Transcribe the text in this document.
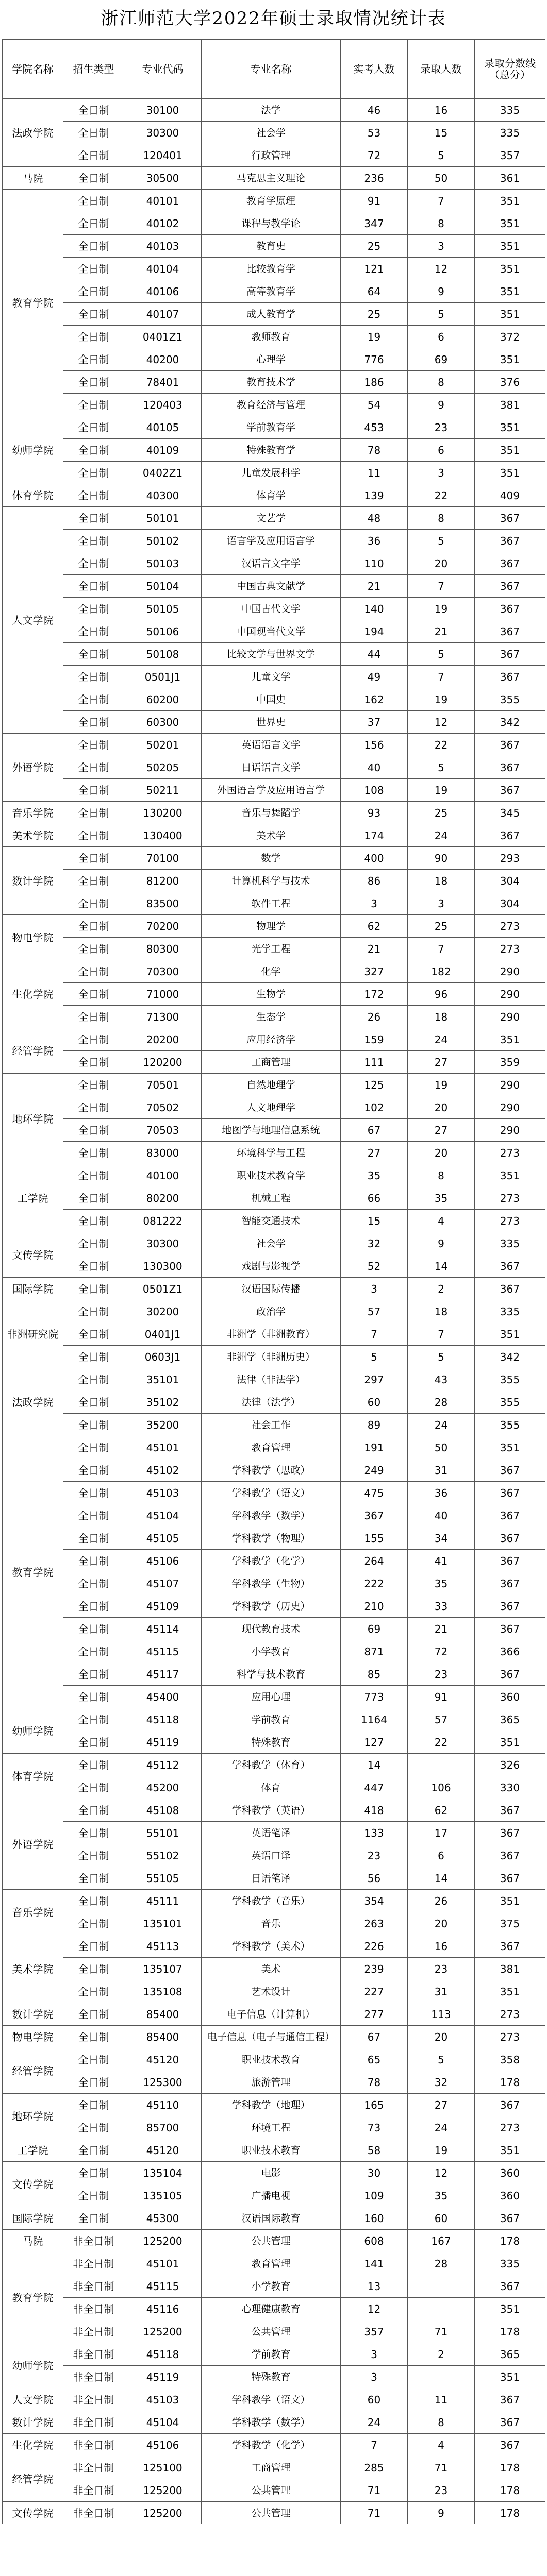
浙江师范大学2022年硕士录取情况统计表
学院名称	招生类型	专业代码	专业名称	实考人数	录取人数	录取分数线（总分）
法政学院	全日制	30100	法学	46	16	335
	全日制	30300	社会学	53	15	335
	全日制	120401	行政管理	72	5	357
马院	全日制	30500	马克思主义理论	236	50	361
教育学院	全日制	40101	教育学原理	91	7	351
	全日制	40102	课程与教学论	347	8	351
	全日制	40103	教育史	25	3	351
	全日制	40104	比较教育学	121	12	351
	全日制	40106	高等教育学	64	9	351
	全日制	40107	成人教育学	25	5	351
	全日制	0401Z1	教师教育	19	6	372
	全日制	40200	心理学	776	69	351
	全日制	78401	教育技术学	186	8	376
	全日制	120403	教育经济与管理	54	9	381
幼师学院	全日制	40105	学前教育学	453	23	351
	全日制	40109	特殊教育学	78	6	351
	全日制	0402Z1	儿童发展科学	11	3	351
体育学院	全日制	40300	体育学	139	22	409
人文学院	全日制	50101	文艺学	48	8	367
	全日制	50102	语言学及应用语言学	36	5	367
	全日制	50103	汉语言文字学	110	20	367
	全日制	50104	中国古典文献学	21	7	367
	全日制	50105	中国古代文学	140	19	367
	全日制	50106	中国现当代文学	194	21	367
	全日制	50108	比较文学与世界文学	44	5	367
	全日制	0501J1	儿童文学	49	7	367
	全日制	60200	中国史	162	19	355
	全日制	60300	世界史	37	12	342
外语学院	全日制	50201	英语语言文学	156	22	367
	全日制	50205	日语语言文学	40	5	367
	全日制	50211	外国语言学及应用语言学	108	19	367
音乐学院	全日制	130200	音乐与舞蹈学	93	25	345
美术学院	全日制	130400	美术学	174	24	367
数计学院	全日制	70100	数学	400	90	293
	全日制	81200	计算机科学与技术	86	18	304
	全日制	83500	软件工程	3	3	304
物电学院	全日制	70200	物理学	62	25	273
	全日制	80300	光学工程	21	7	273
生化学院	全日制	70300	化学	327	182	290
	全日制	71000	生物学	172	96	290
	全日制	71300	生态学	26	18	290
经管学院	全日制	20200	应用经济学	159	24	351
	全日制	120200	工商管理	111	27	359
地环学院	全日制	70501	自然地理学	125	19	290
	全日制	70502	人文地理学	102	20	290
	全日制	70503	地图学与地理信息系统	67	27	290
	全日制	83000	环境科学与工程	27	20	273
工学院	全日制	40100	职业技术教育学	35	8	351
	全日制	80200	机械工程	66	35	273
	全日制	081222	智能交通技术	15	4	273
文传学院	全日制	30300	社会学	32	9	335
	全日制	130300	戏剧与影视学	52	14	367
国际学院	全日制	0501Z1	汉语国际传播	3	2	367
非洲研究院	全日制	30200	政治学	57	18	335
	全日制	0401J1	非洲学（非洲教育）	7	7	351
	全日制	0603J1	非洲学（非洲历史）	5	5	342
法政学院	全日制	35101	法律（非法学）	297	43	355
	全日制	35102	法律（法学）	60	28	355
	全日制	35200	社会工作	89	24	355
教育学院	全日制	45101	教育管理	191	50	351
	全日制	45102	学科教学（思政）	249	31	367
	全日制	45103	学科教学（语文）	475	36	367
	全日制	45104	学科教学（数学）	367	40	367
	全日制	45105	学科教学（物理）	155	34	367
	全日制	45106	学科教学（化学）	264	41	367
	全日制	45107	学科教学（生物）	222	35	367
	全日制	45109	学科教学（历史）	210	33	367
	全日制	45114	现代教育技术	69	21	367
	全日制	45115	小学教育	871	72	366
	全日制	45117	科学与技术教育	85	23	367
	全日制	45400	应用心理	773	91	360
幼师学院	全日制	45118	学前教育	1164	57	365
	全日制	45119	特殊教育	127	22	351
体育学院	全日制	45112	学科教学（体育）	14		326
	全日制	45200	体育	447	106	330
外语学院	全日制	45108	学科教学（英语）	418	62	367
	全日制	55101	英语笔译	133	17	367
	全日制	55102	英语口译	23	6	367
	全日制	55105	日语笔译	56	14	367
音乐学院	全日制	45111	学科教学（音乐）	354	26	351
	全日制	135101	音乐	263	20	375
美术学院	全日制	45113	学科教学（美术）	226	16	367
	全日制	135107	美术	239	23	381
	全日制	135108	艺术设计	227	31	351
数计学院	全日制	85400	电子信息（计算机）	277	113	273
物电学院	全日制	85400	电子信息（电子与通信工程）	67	20	273
经管学院	全日制	45120	职业技术教育	65	5	358
	全日制	125300	旅游管理	78	32	178
地环学院	全日制	45110	学科教学（地理）	165	27	367
	全日制	85700	环境工程	73	24	273
工学院	全日制	45120	职业技术教育	58	19	351
文传学院	全日制	135104	电影	30	12	360
	全日制	135105	广播电视	109	35	360
国际学院	全日制	45300	汉语国际教育	160	60	367
马院	非全日制	125200	公共管理	608	167	178
教育学院	非全日制	45101	教育管理	141	28	335
	非全日制	45115	小学教育	13		367
	非全日制	45116	心理健康教育	12		351
	非全日制	125200	公共管理	357	71	178
幼师学院	非全日制	45118	学前教育	3	2	365
	非全日制	45119	特殊教育	3		351
人文学院	非全日制	45103	学科教学（语文）	60	11	367
数计学院	非全日制	45104	学科教学（数学）	24	8	367
生化学院	非全日制	45106	学科教学（化学）	7	4	367
经管学院	非全日制	125100	工商管理	285	71	178
	非全日制	125200	公共管理	71	23	178
文传学院	非全日制	125200	公共管理	71	9	178
